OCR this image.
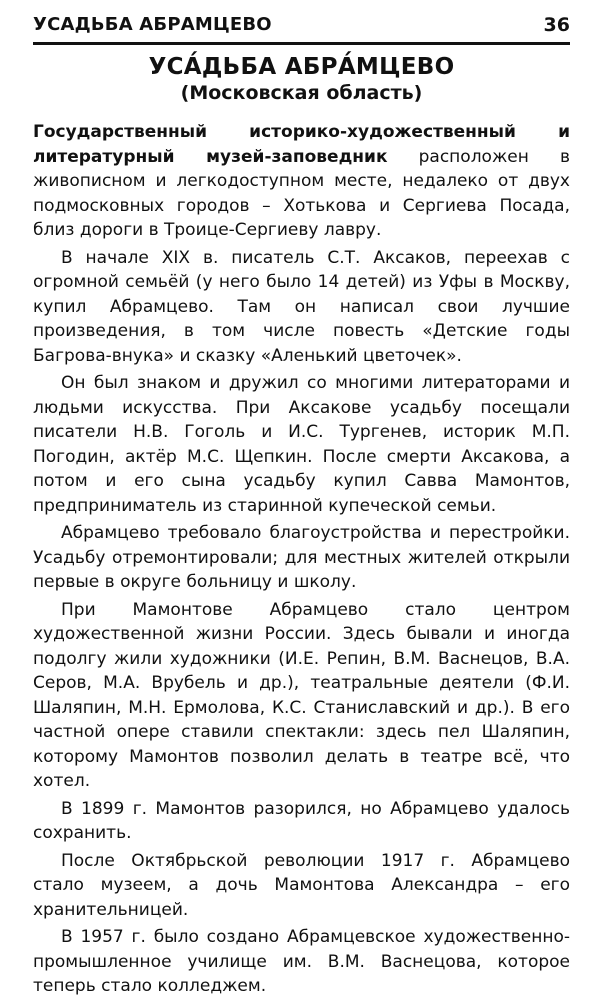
УСАДЬБА АБРАМЦЕВО	36
УСА́ДЬБА АБРА́МЦЕВО
(Московская область)

Государственный историко-художественный и литературный музей-заповедник расположен в живописном и легкодоступном месте, недалеко от двух подмосковных городов – Хотькова и Сергиева Посада, близ дороги в Троице-Сергиеву лавру.

В начале XIX в. писатель С.Т. Аксаков, переехав с огромной семьёй (у него было 14 детей) из Уфы в Москву, купил Абрамцево. Там он написал свои лучшие произведения, в том числе повесть «Детские годы Багрова-внука» и сказку «Аленький цветочек».

Он был знаком и дружил со многими литераторами и людьми искусства. При Аксакове усадьбу посещали писатели Н.В. Гоголь и И.С. Тургенев, историк М.П. Погодин, актёр М.С. Щепкин. После смерти Аксакова, а потом и его сына усадьбу купил Савва Мамонтов, предприниматель из старинной купеческой семьи.

Абрамцево требовало благоустройства и перестройки. Усадьбу отремонтировали; для местных жителей открыли первые в округе больницу и школу.

При Мамонтове Абрамцево стало центром художественной жизни России. Здесь бывали и иногда подолгу жили художники (И.Е. Репин, В.М. Васнецов, В.А. Серов, М.А. Врубель и др.), театральные деятели (Ф.И. Шаляпин, М.Н. Ермолова, К.С. Станиславский и др.). В его частной опере ставили спектакли: здесь пел Шаляпин, которому Мамонтов позволил делать в театре всё, что хотел.

В 1899 г. Мамонтов разорился, но Абрамцево удалось сохранить.

После Октябрьской революции 1917 г. Абрамцево стало музеем, а дочь Мамонтова Александра – его хранительницей.

В 1957 г. было создано Абрамцевское художественно-промышленное училище им. В.М. Васнецова, которое теперь стало колледжем.
